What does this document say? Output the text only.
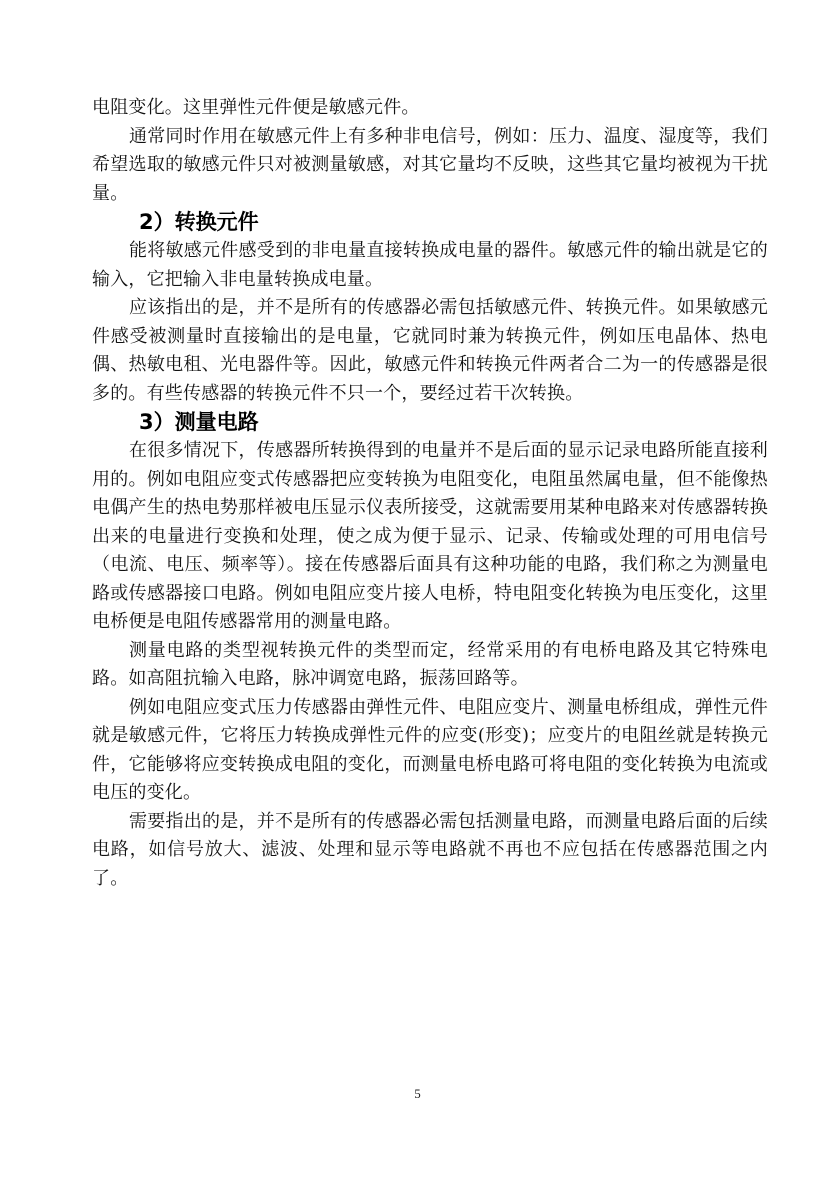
电阻变化。这里弹性元件便是敏感元件。

通常同时作用在敏感元件上有多种非电信号，例如：压力、温度、湿度等，我们希望选取的敏感元件只对被测量敏感，对其它量均不反映，这些其它量均被视为干扰量。

2）转换元件

能将敏感元件感受到的非电量直接转换成电量的器件。敏感元件的输出就是它的输入，它把输入非电量转换成电量。

应该指出的是，并不是所有的传感器必需包括敏感元件、转换元件。如果敏感元件感受被测量时直接输出的是电量，它就同时兼为转换元件，例如压电晶体、热电偶、热敏电租、光电器件等。因此，敏感元件和转换元件两者合二为一的传感器是很多的。有些传感器的转换元件不只一个，要经过若干次转换。

3）测量电路

在很多情况下，传感器所转换得到的电量并不是后面的显示记录电路所能直接利用的。例如电阻应变式传感器把应变转换为电阻变化，电阻虽然属电量，但不能像热电偶产生的热电势那样被电压显示仪表所接受，这就需要用某种电路来对传感器转换出来的电量进行变换和处理，使之成为便于显示、记录、传输或处理的可用电信号（电流、电压、频率等）。接在传感器后面具有这种功能的电路，我们称之为测量电路或传感器接口电路。例如电阻应变片接人电桥，特电阻变化转换为电压变化，这里电桥便是电阻传感器常用的测量电路。

测量电路的类型视转换元件的类型而定，经常采用的有电桥电路及其它特殊电路。如高阻抗输入电路，脉冲调宽电路，振荡回路等。

例如电阻应变式压力传感器由弹性元件、电阻应变片、测量电桥组成，弹性元件就是敏感元件，它将压力转换成弹性元件的应变(形变)；应变片的电阻丝就是转换元件，它能够将应变转换成电阻的变化，而测量电桥电路可将电阻的变化转换为电流或电压的变化。

需要指出的是，并不是所有的传感器必需包括测量电路，而测量电路后面的后续电路，如信号放大、滤波、处理和显示等电路就不再也不应包括在传感器范围之内了。

5
